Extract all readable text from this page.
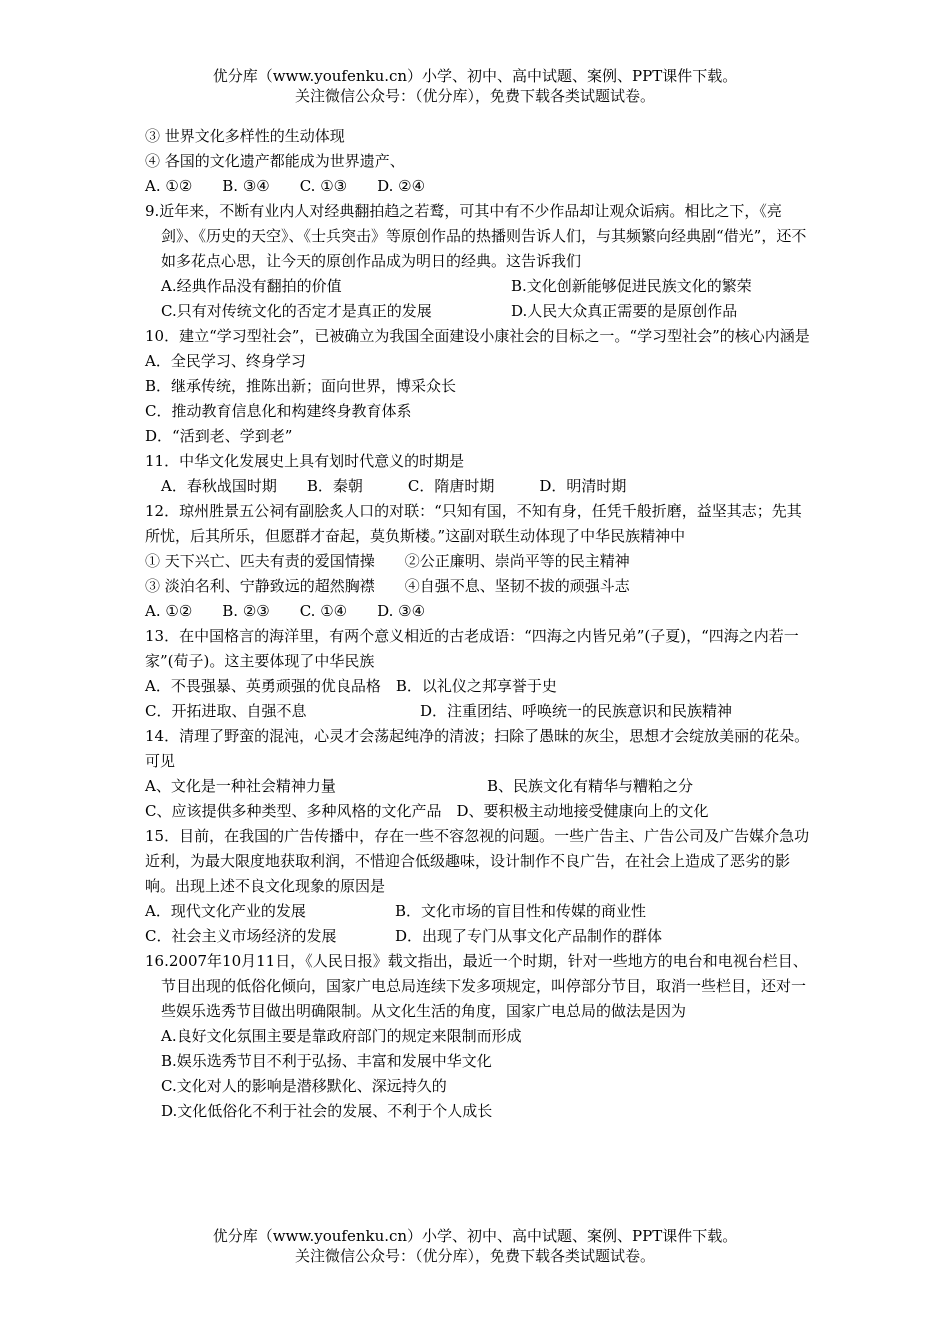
优分库（www.youfenku.cn）小学、初中、高中试题、案例、PPT课件下载。
关注微信公众号：（优分库），免费下载各类试题试卷。
③ 世界文化多样性的生动体现
④ 各国的文化遗产都能成为世界遗产、
A. ①②　　B. ③④　　C. ①③　　D. ②④
9.近年来，不断有业内人对经典翻拍趋之若鹜，可其中有不少作品却让观众诟病。相比之下，《亮剑》、《历史的天空》、《士兵突击》等原创作品的热播则告诉人们，与其频繁向经典剧“借光”，还不如多花点心思，让今天的原创作品成为明日的经典。这告诉我们
A.经典作品没有翻拍的价值	B.文化创新能够促进民族文化的繁荣
C.只有对传统文化的否定才是真正的发展	D.人民大众真正需要的是原创作品
10．建立“学习型社会”，已被确立为我国全面建设小康社会的目标之一。“学习型社会”的核心内涵是
A．全民学习、终身学习
B．继承传统，推陈出新；面向世界，博采众长
C．推动教育信息化和构建终身教育体系
D．“活到老、学到老”
11．中华文化发展史上具有划时代意义的时期是
A．春秋战国时期　　B．秦朝　　　C．隋唐时期　　　D．明清时期
12．琼州胜景五公祠有副脍炙人口的对联：“只知有国，不知有身，任凭千般折磨，益坚其志；先其所忧，后其所乐，但愿群才奋起，莫负斯楼。”这副对联生动体现了中华民族精神中
① 天下兴亡、匹夫有责的爱国情操　　②公正廉明、崇尚平等的民主精神
③ 淡泊名利、宁静致远的超然胸襟　　④自强不息、坚韧不拔的顽强斗志
A. ①②　　B. ②③　　C. ①④　　D. ③④
13．在中国格言的海洋里，有两个意义相近的古老成语：“四海之内皆兄弟”(子夏)，“四海之内若一家”(荀子)。这主要体现了中华民族
A．不畏强暴、英勇顽强的优良品格　B．以礼仪之邦享誉于史
C．开拓进取、自强不息	D．注重团结、呼唤统一的民族意识和民族精神
14．清理了野蛮的混沌，心灵才会荡起纯净的清波；扫除了愚昧的灰尘，思想才会绽放美丽的花朵。可见
A、文化是一种社会精神力量	B、民族文化有精华与糟粕之分
C、应该提供多种类型、多种风格的文化产品　D、要积极主动地接受健康向上的文化
15．目前，在我国的广告传播中，存在一些不容忽视的问题。一些广告主、广告公司及广告媒介急功近利，为最大限度地获取利润，不惜迎合低级趣味，设计制作不良广告，在社会上造成了恶劣的影响。出现上述不良文化现象的原因是
A．现代文化产业的发展	B．文化市场的盲目性和传媒的商业性
C．社会主义市场经济的发展	D．出现了专门从事文化产品制作的群体
16.2007年10月11日，《人民日报》载文指出，最近一个时期，针对一些地方的电台和电视台栏目、节目出现的低俗化倾向，国家广电总局连续下发多项规定，叫停部分节目，取消一些栏目，还对一些娱乐选秀节目做出明确限制。从文化生活的角度，国家广电总局的做法是因为
A.良好文化氛围主要是靠政府部门的规定来限制而形成
B.娱乐选秀节目不利于弘扬、丰富和发展中华文化
C.文化对人的影响是潜移默化、深远持久的
D.文化低俗化不利于社会的发展、不利于个人成长
优分库（www.youfenku.cn）小学、初中、高中试题、案例、PPT课件下载。
关注微信公众号：（优分库），免费下载各类试题试卷。
